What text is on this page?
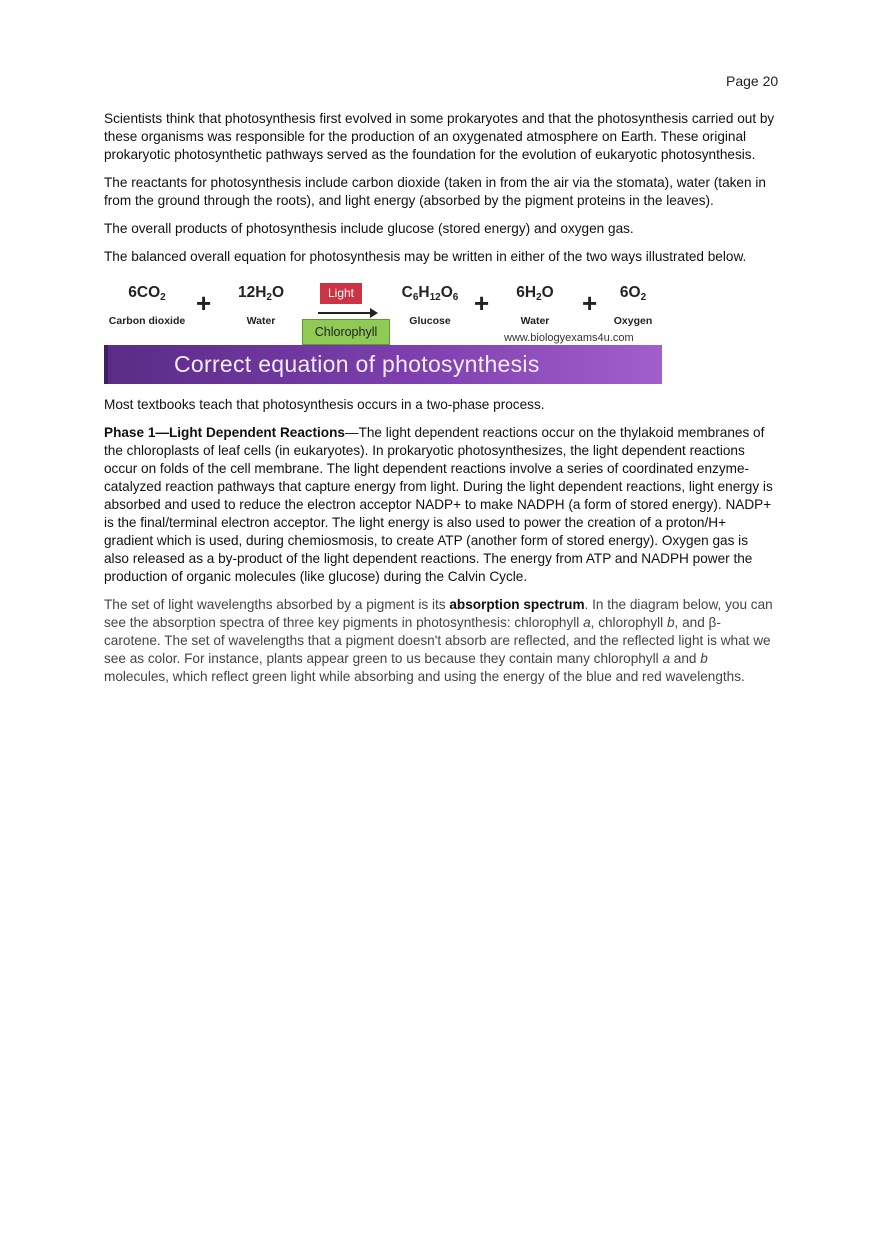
Page 20

Scientists think that photosynthesis first evolved in some prokaryotes and that the photosynthesis carried out by these organisms was responsible for the production of an oxygenated atmosphere on Earth. These original prokaryotic photosynthetic pathways served as the foundation for the evolution of eukaryotic photosynthesis.

The reactants for photosynthesis include carbon dioxide (taken in from the air via the stomata), water (taken in from the ground through the roots), and light energy (absorbed by the pigment proteins in the leaves).

The overall products of photosynthesis include glucose (stored energy) and oxygen gas.

The balanced overall equation for photosynthesis may be written in either of the two ways illustrated below.

$6CO_2$
Carbon dioxide
+	$12H_2O$
Water
Light
Chlorophyll
$C_6H_{12}O_6$
Glucose
+	$6H_2O$
Water
+	$6O_2$
Oxygen
www.biologyexams4u.com
Correct equation of photosynthesis

Most textbooks teach that photosynthesis occurs in a two-phase process.

Phase 1—Light Dependent Reactions—The light dependent reactions occur on the thylakoid membranes of the chloroplasts of leaf cells (in eukaryotes). In prokaryotic photosynthesizes, the light dependent reactions occur on folds of the cell membrane. The light dependent reactions involve a series of coordinated enzyme-catalyzed reaction pathways that capture energy from light. During the light dependent reactions, light energy is absorbed and used to reduce the electron acceptor NADP+ to make NADPH (a form of stored energy). NADP+ is the final/terminal electron acceptor. The light energy is also used to power the creation of a proton/H+ gradient which is used, during chemiosmosis, to create ATP (another form of stored energy). Oxygen gas is also released as a by-product of the light dependent reactions. The energy from ATP and NADPH power the production of organic molecules (like glucose) during the Calvin Cycle.

The set of light wavelengths absorbed by a pigment is its absorption spectrum. In the diagram below, you can see the absorption spectra of three key pigments in photosynthesis: chlorophyll a, chlorophyll b, and β-carotene. The set of wavelengths that a pigment doesn't absorb are reflected, and the reflected light is what we see as color. For instance, plants appear green to us because they contain many chlorophyll a and b molecules, which reflect green light while absorbing and using the energy of the blue and red wavelengths.
